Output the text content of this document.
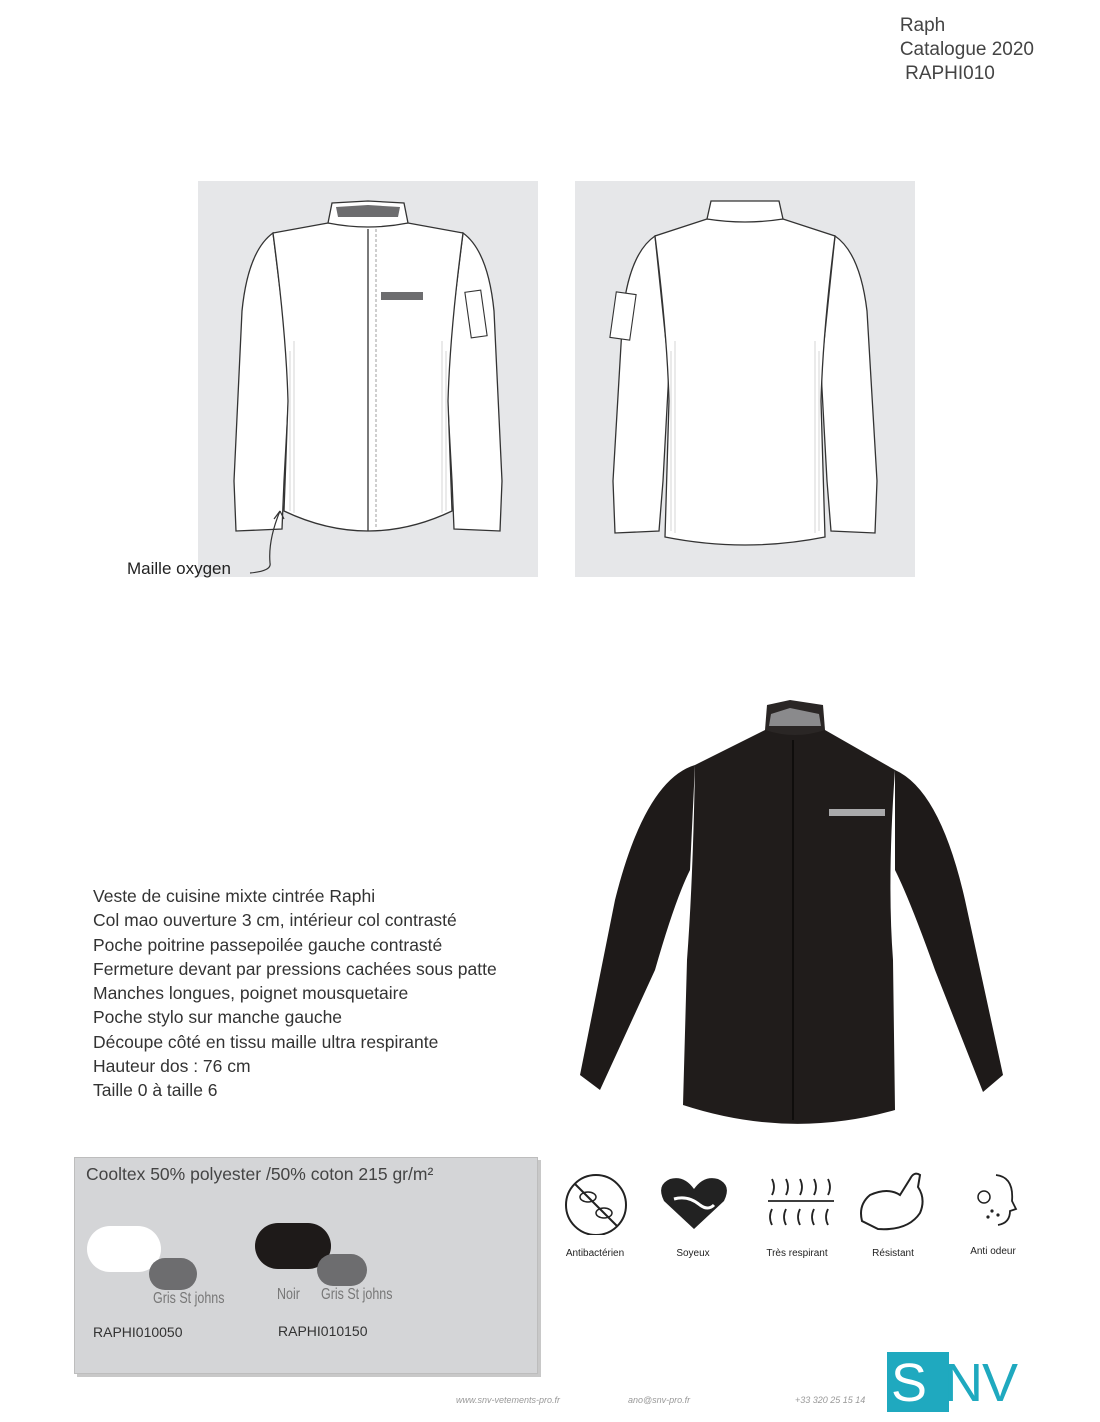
Raph
Catalogue 2020
RAPHI010
Maille oxygen
Veste de cuisine mixte cintrée Raphi
Col mao ouverture 3 cm, intérieur col contrasté
Poche poitrine passepoilée gauche contrasté
Fermeture devant par pressions cachées sous patte
Manches longues, poignet mousquetaire
Poche stylo sur manche gauche
Découpe côté en tissu maille ultra respirante
Hauteur dos : 76 cm
Taille 0 à taille 6
Cooltex 50% polyester /50% coton 215 gr/m²
Gris St johns
RAPHI010050
Noir Gris St johns
RAPHI010150
Antibactérien	Soyeux	Très respirant	Résistant	Anti odeur
www.snv-vetements-pro.fr	ano@snv-pro.fr	+33 320 25 15 14 S NV
